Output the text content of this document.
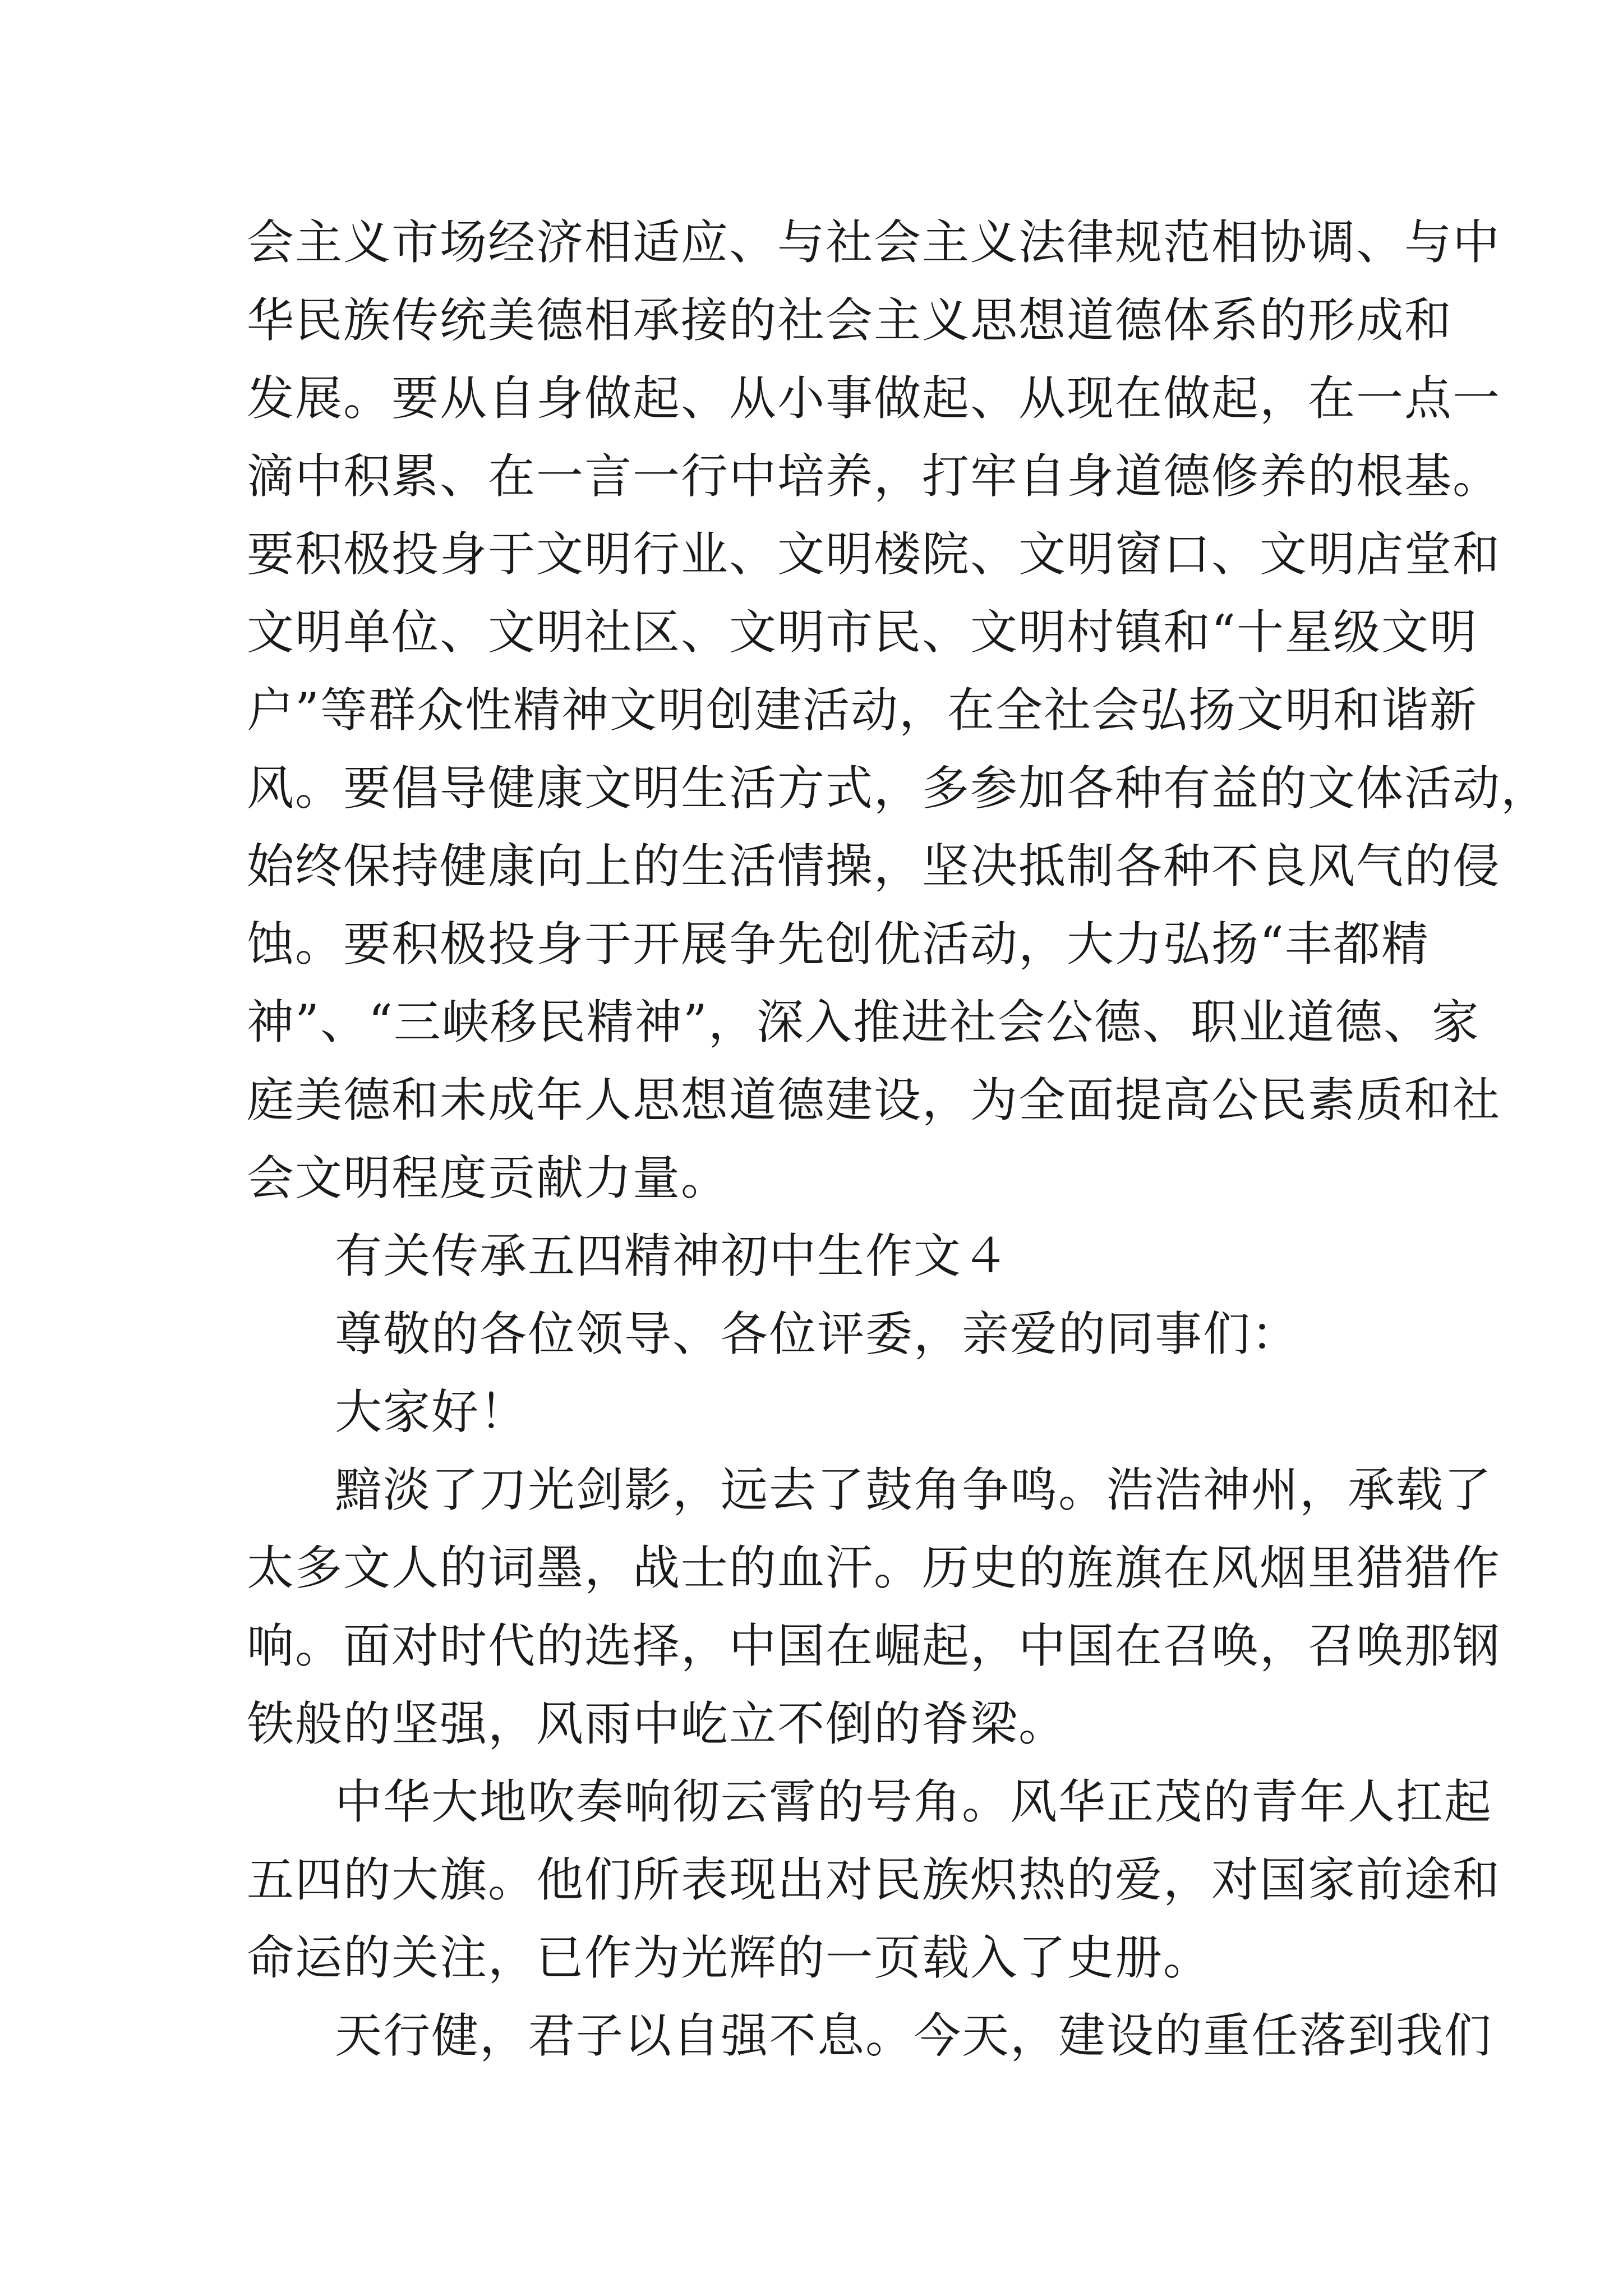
会主义市场经济相适应、与社会主义法律规范相协调、与中
华民族传统美德相承接的社会主义思想道德体系的形成和
发展。要从自身做起、从小事做起、从现在做起，在一点一
滴中积累、在一言一行中培养，打牢自身道德修养的根基。
要积极投身于文明行业、文明楼院、文明窗口、文明店堂和
文明单位、文明社区、文明市民、文明村镇和“十星级文明
户”等群众性精神文明创建活动，在全社会弘扬文明和谐新
风。要倡导健康文明生活方式，多参加各种有益的文体活动，
始终保持健康向上的生活情操，坚决抵制各种不良风气的侵
蚀。要积极投身于开展争先创优活动，大力弘扬“丰都精
神”、“三峡移民精神”，深入推进社会公德、职业道德、家
庭美德和未成年人思想道德建设，为全面提高公民素质和社
会文明程度贡献力量。
有关传承五四精神初中生作文４
尊敬的各位领导、各位评委，亲爱的同事们：
大家好！
黯淡了刀光剑影，远去了鼓角争鸣。浩浩神州，承载了
太多文人的词墨，战士的血汗。历史的旌旗在风烟里猎猎作
响。面对时代的选择，中国在崛起，中国在召唤，召唤那钢
铁般的坚强，风雨中屹立不倒的脊梁。
中华大地吹奏响彻云霄的号角。风华正茂的青年人扛起
五四的大旗。他们所表现出对民族炽热的爱，对国家前途和
命运的关注，已作为光辉的一页载入了史册。
天行健，君子以自强不息。今天，建设的重任落到我们
